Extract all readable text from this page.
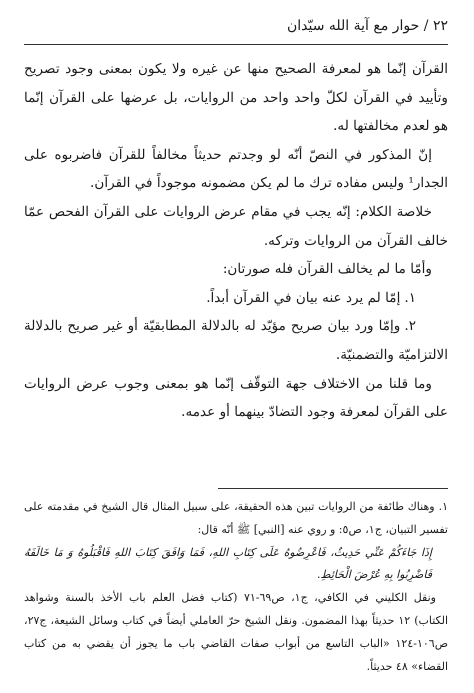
٢٢ / حوار مع آية الله سيّدان

القرآن إنّما هو لمعرفة الصحيح منها عن غيره ولا يكون بمعنى وجود تصريح وتأييد في القرآن لكلّ واحد واحد من الروايات، بل عرضها على القرآن إنّما هو لعدم مخالفتها له.

إنّ المذكور في النصّ أنّه لو وجدتم حديثاً مخالفاً للقرآن فاضربوه على الجدار¹ وليس مفاده ترك ما لم يكن مضمونه موجوداً في القرآن.

خلاصة الكلام: إنّه يجب في مقام عرض الروايات على القرآن الفحص عمّا خالف القرآن من الروايات وتركه.

وأمّا ما لم يخالف القرآن فله صورتان:

١.إمّا لم يرد عنه بيان في القرآن أبداً.

٢.وإمّا ورد بيان صريح مؤيّد له بالدلالة المطابقيّة أو غير صريح بالدلالة الالتزاميّة والتضمنيّة.

وما قلنا من الاختلاف جهة التوقّف إنّما هو بمعنى وجوب عرض الروايات على القرآن لمعرفة وجود التضادّ بينهما أو عدمه.

١.وهناك طائفة من الروايات تبين هذه الحقيقة، على سبيل المثال قال الشيخ في مقدمته على تفسير التبيان، ج١، ص٥: و روي عنه [النبي] ﷺ أنّه قال:

إِذَا جَاءَكُمْ عَنِّي حَدِيثٌ، فَاعْرِضُوهُ عَلَى كِتَابِ اللهِ، فَمَا وَافَقَ كِتَابَ اللهِ فَاقْبَلُوهُ وَ مَا خَالَفَهُ فَاضْرِبُوا بِهِ عُرْضَ الْحَائِطِ.

ونقل الكليني في الكافي، ج١، ص٦٩-٧١ (كتاب فضل العلم باب الأخذ بالسنة وشواهد الكتاب) ١٢ حديثاً بهذا المضمون. ونقل الشيخ حرّ العاملي أيضاً في كتاب وسائل الشيعة، ج٢٧، ص١٠٦-١٢٤ «الباب التاسع من أبواب صفات القاضي باب ما يجوز أن يقضي به من كتاب القضاء» ٤٨ حديثاً.
